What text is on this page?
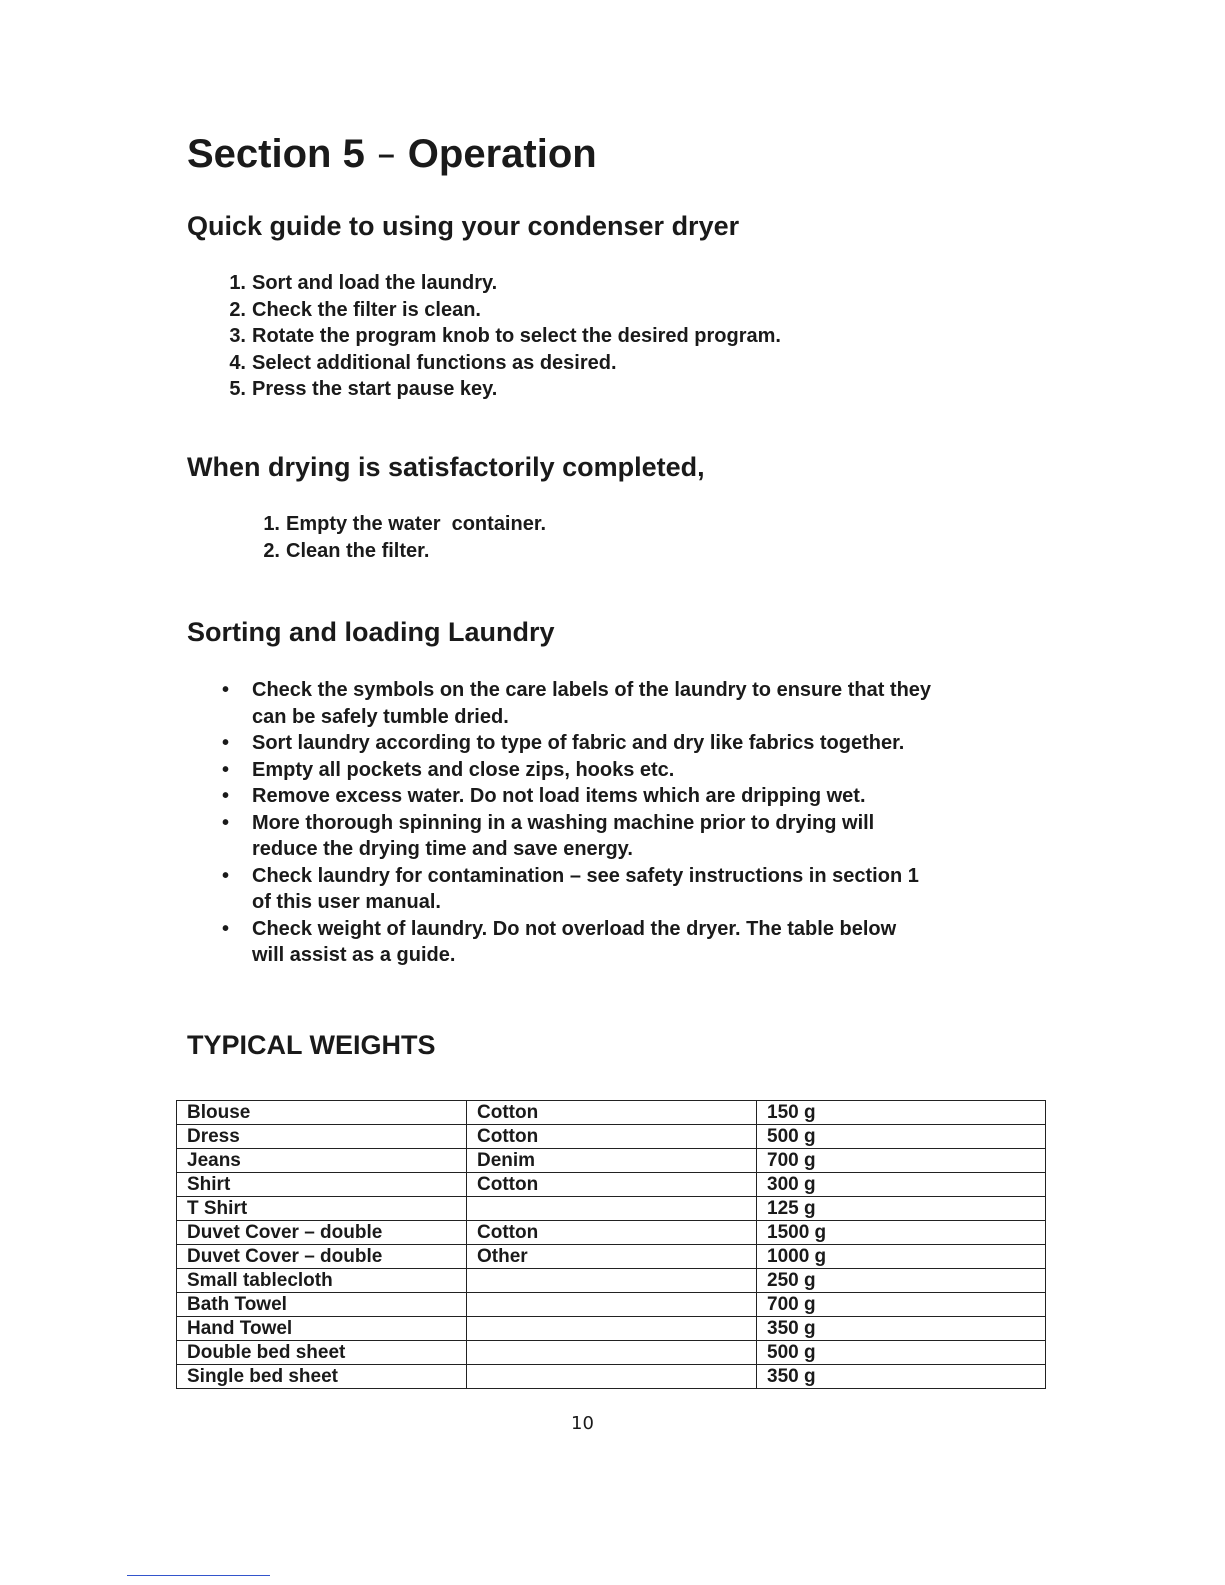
Section 5 – Operation
Quick guide to using your condenser dryer
1. Sort and load the laundry.
2. Check the filter is clean.
3. Rotate the program knob to select the desired program.
4. Select additional functions as desired.
5. Press the start pause key.
When drying is satisfactorily completed,
1. Empty the water  container.
2. Clean the filter.
Sorting and loading Laundry
• Check the symbols on the care labels of the laundry to ensure that they
can be safely tumble dried.
• Sort laundry according to type of fabric and dry like fabrics together.
• Empty all pockets and close zips, hooks etc.
• Remove excess water. Do not load items which are dripping wet.
• More thorough spinning in a washing machine prior to drying will
reduce the drying time and save energy.
• Check laundry for contamination – see safety instructions in section 1
of this user manual.
• Check weight of laundry. Do not overload the dryer. The table below
will assist as a guide.
TYPICAL WEIGHTS
Blouse	Cotton	150 g
Dress	Cotton	500 g
Jeans	Denim	700 g
Shirt	Cotton	300 g
T Shirt		125 g
Duvet Cover – double	Cotton	1500 g
Duvet Cover – double	Other	1000 g
Small tablecloth		250 g
Bath Towel		700 g
Hand Towel		350 g
Double bed sheet		500 g
Single bed sheet		350 g
10
